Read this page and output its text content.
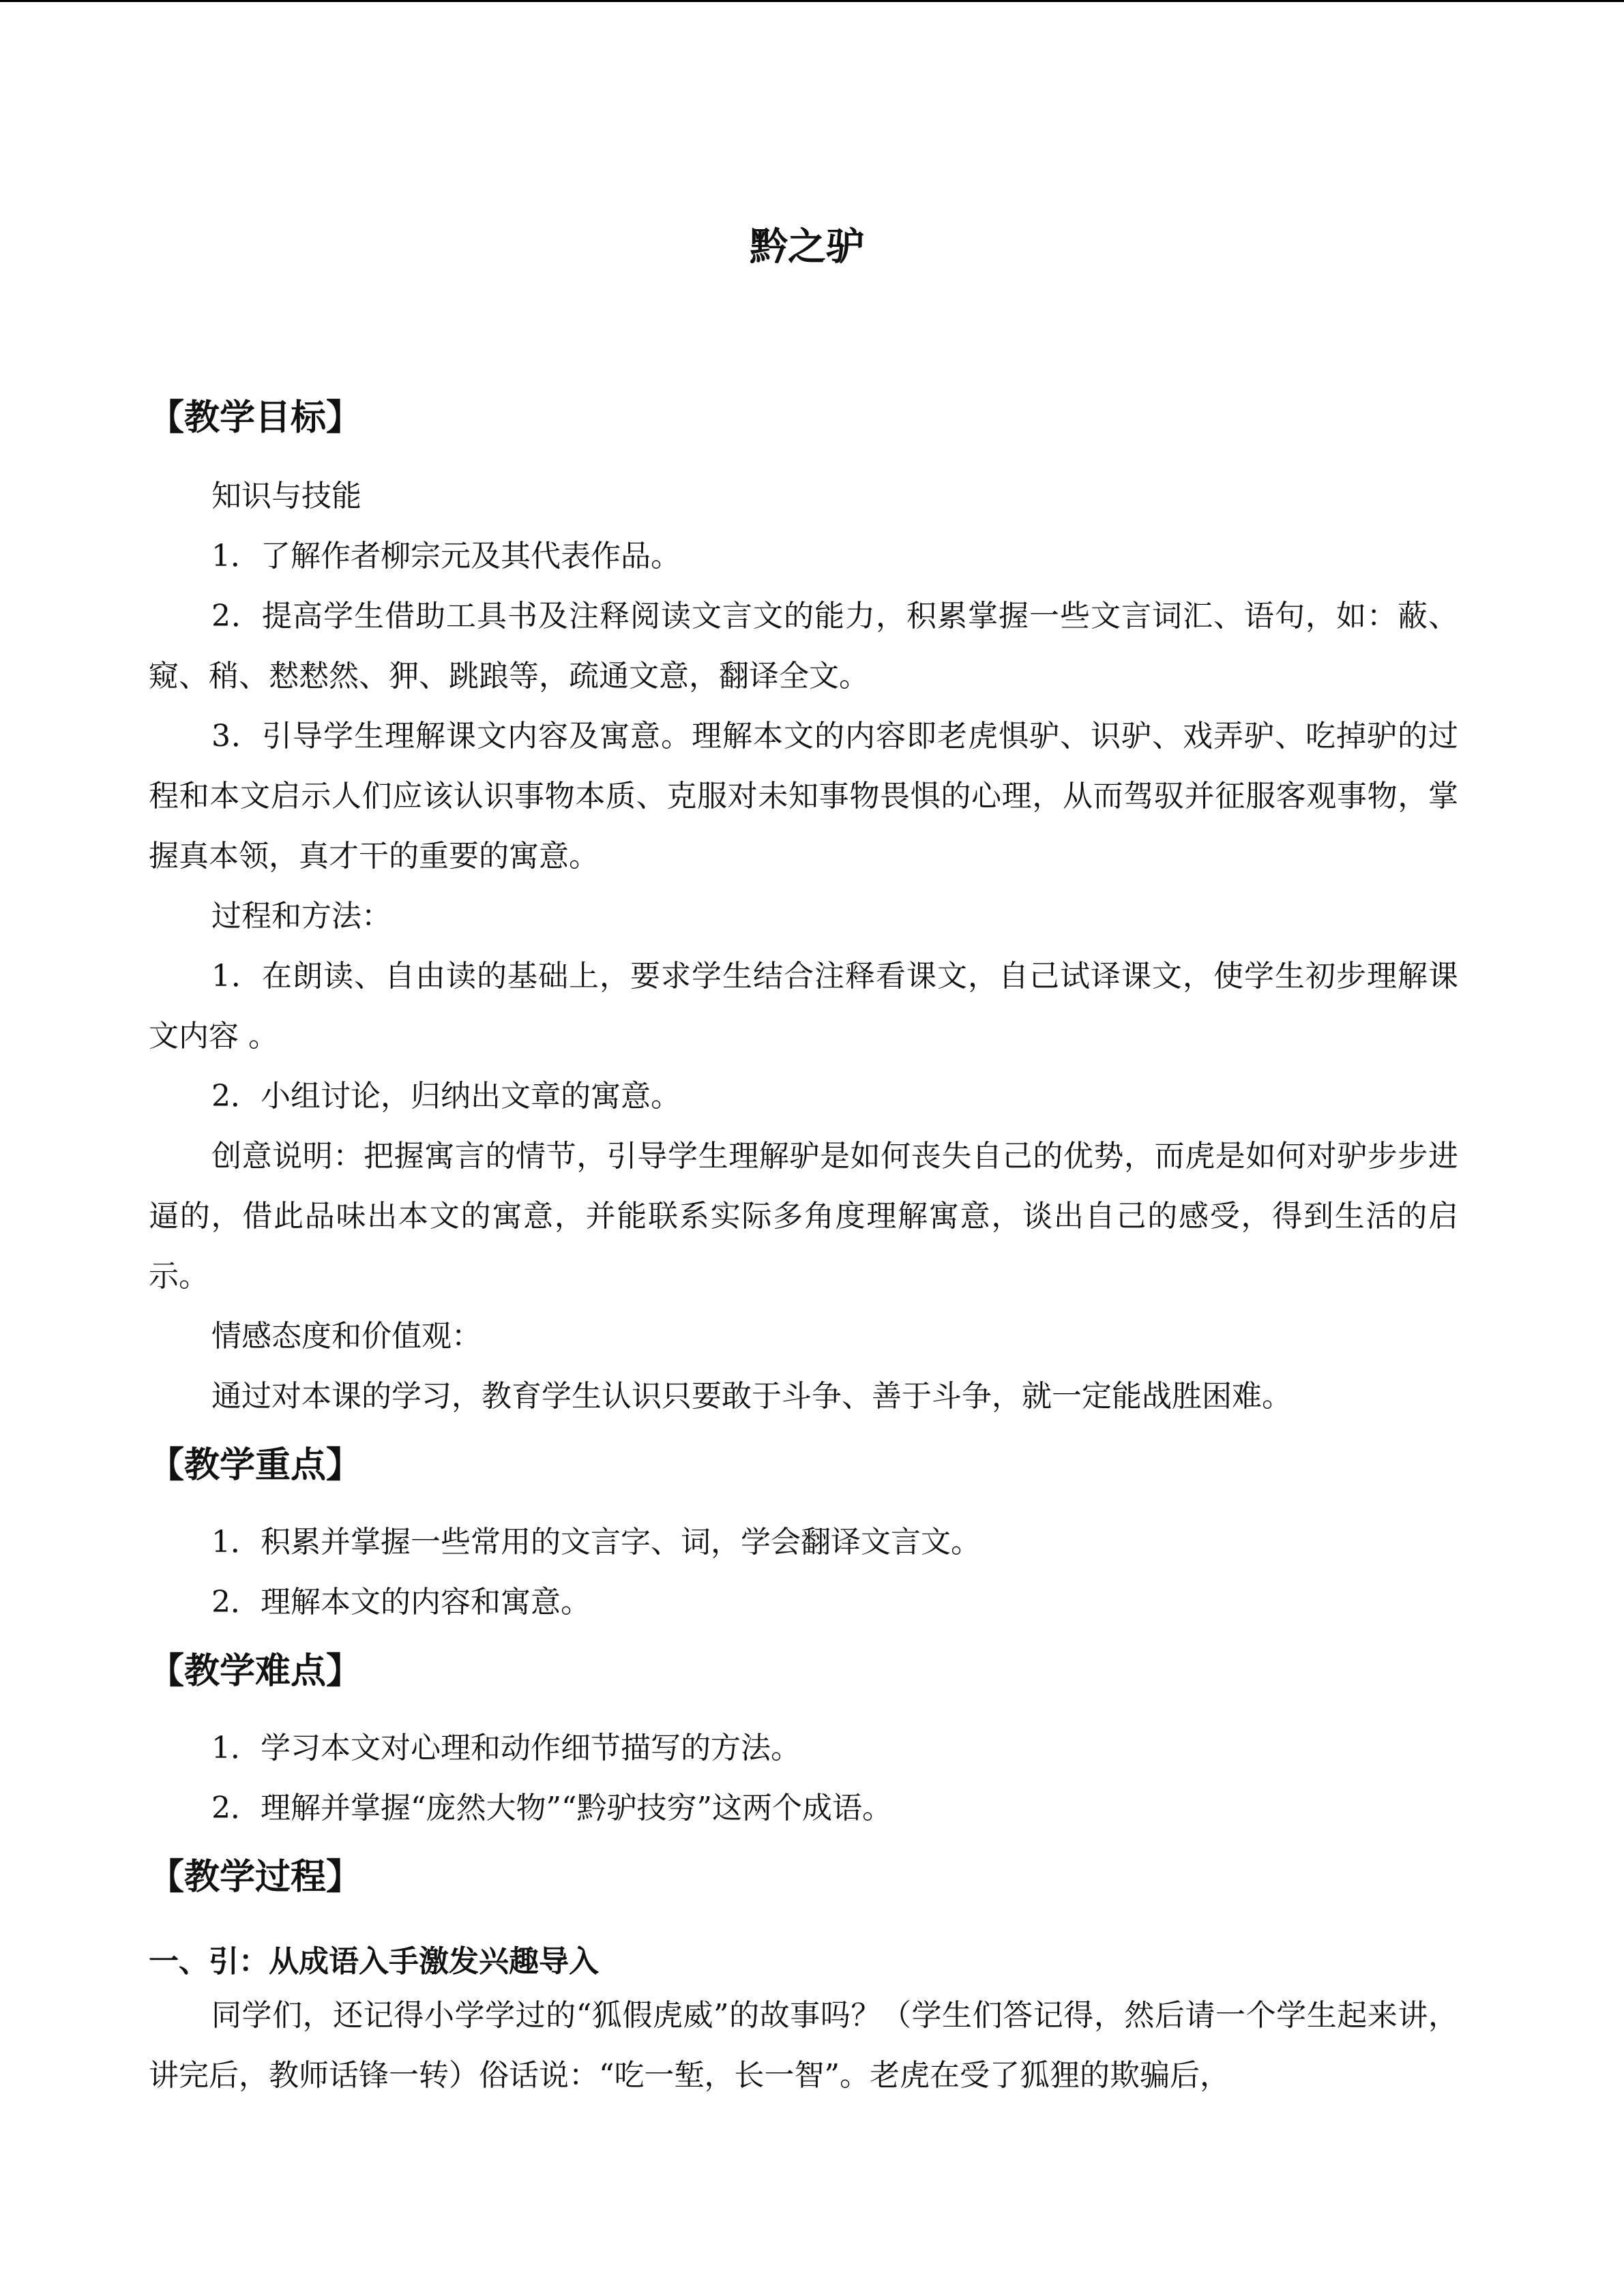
黔之驴
【教学目标】

知识与技能

1．了解作者柳宗元及其代表作品。

2．提高学生借助工具书及注释阅读文言文的能力，积累掌握一些文言词汇、语句，如：蔽、窥、稍、慭慭然、狎、跳踉等，疏通文意，翻译全文。

3．引导学生理解课文内容及寓意。理解本文的内容即老虎惧驴、识驴、戏弄驴、吃掉驴的过程和本文启示人们应该认识事物本质、克服对未知事物畏惧的心理，从而驾驭并征服客观事物，掌握真本领，真才干的重要的寓意。

过程和方法：

1．在朗读、自由读的基础上，要求学生结合注释看课文，自己试译课文，使学生初步理解课文内容 。

2．小组讨论，归纳出文章的寓意。

创意说明：把握寓言的情节，引导学生理解驴是如何丧失自己的优势，而虎是如何对驴步步进逼的，借此品味出本文的寓意，并能联系实际多角度理解寓意，谈出自己的感受，得到生活的启示。

情感态度和价值观：

通过对本课的学习，教育学生认识只要敢于斗争、善于斗争，就一定能战胜困难。

【教学重点】

1．积累并掌握一些常用的文言字、词，学会翻译文言文。

2．理解本文的内容和寓意。

【教学难点】

1．学习本文对心理和动作细节描写的方法。

2．理解并掌握“庞然大物”“黔驴技穷”这两个成语。

【教学过程】
一、引：从成语入手激发兴趣导入

同学们，还记得小学学过的“狐假虎威”的故事吗？（学生们答记得，然后请一个学生起来讲，讲完后，教师话锋一转）俗话说：“吃一堑，长一智”。老虎在受了狐狸的欺骗后，
